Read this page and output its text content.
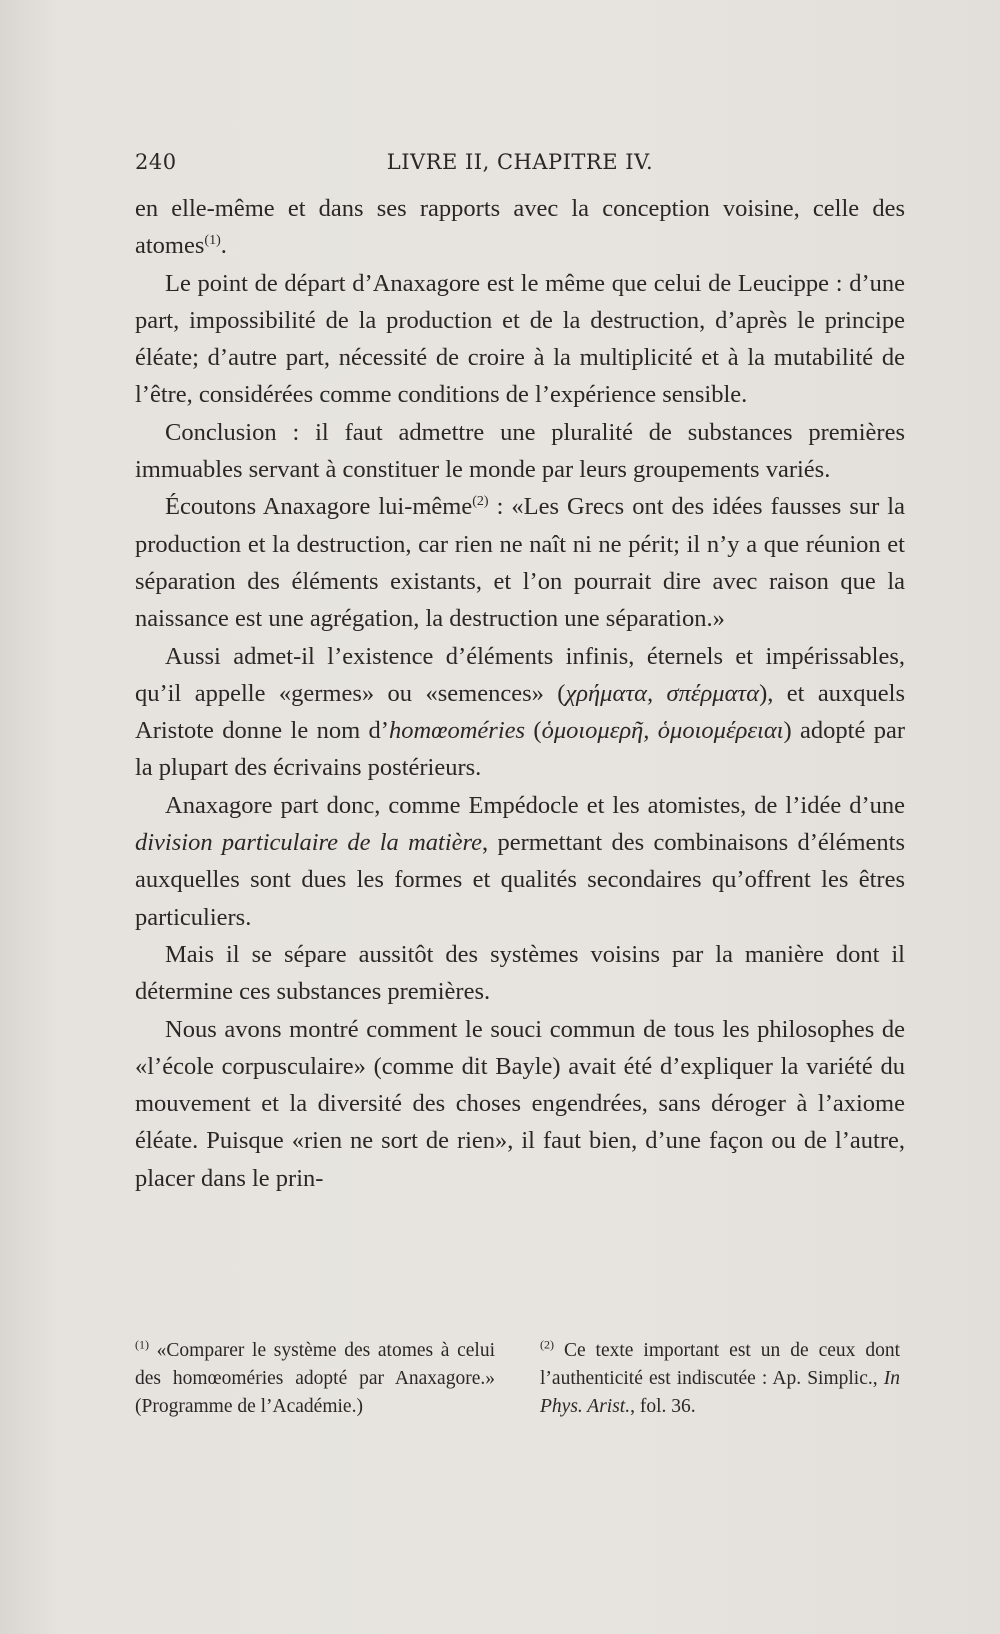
240	LIVRE II, CHAPITRE IV.

en elle-même et dans ses rapports avec la conception voisine, celle des atomes$^{(1)}$.

Le point de départ d’Anaxagore est le même que celui de Leucippe : d’une part, impossibilité de la production et de la destruction, d’après le principe éléate; d’autre part, nécessité de croire à la multiplicité et à la mutabilité de l’être, considérées comme conditions de l’expérience sensible.

Conclusion : il faut admettre une pluralité de substances premières immuables servant à constituer le monde par leurs groupements variés.

Écoutons Anaxagore lui-même$^{(2)}$ : «Les Grecs ont des idées fausses sur la production et la destruction, car rien ne naît ni ne périt; il n’y a que réunion et séparation des éléments existants, et l’on pourrait dire avec raison que la naissance est une agrégation, la destruction une séparation.»

Aussi admet-il l’existence d’éléments infinis, éternels et impérissables, qu’il appelle «germes» ou «semences» (χρήματα, σπέρματα), et auxquels Aristote donne le nom d’homœoméries (ὁμοιομερῆ, ὁμοιομέρειαι) adopté par la plupart des écrivains postérieurs.

Anaxagore part donc, comme Empédocle et les atomistes, de l’idée d’une division particulaire de la matière, permettant des combinaisons d’éléments auxquelles sont dues les formes et qualités secondaires qu’offrent les êtres particuliers.

Mais il se sépare aussitôt des systèmes voisins par la manière dont il détermine ces substances premières.

Nous avons montré comment le souci commun de tous les philosophes de «l’école corpusculaire» (comme dit Bayle) avait été d’expliquer la variété du mouvement et la diversité des choses engendrées, sans déroger à l’axiome éléate. Puisque «rien ne sort de rien», il faut bien, d’une façon ou de l’autre, placer dans le prin-

$^{(1)}$ «Comparer le système des atomes à celui des homœoméries adopté par Anaxagore.» (Programme de l’Académie.)
$^{(2)}$ Ce texte important est un de ceux dont l’authenticité est indiscutée : Ap. Simplic., In Phys. Arist., fol. 36.
